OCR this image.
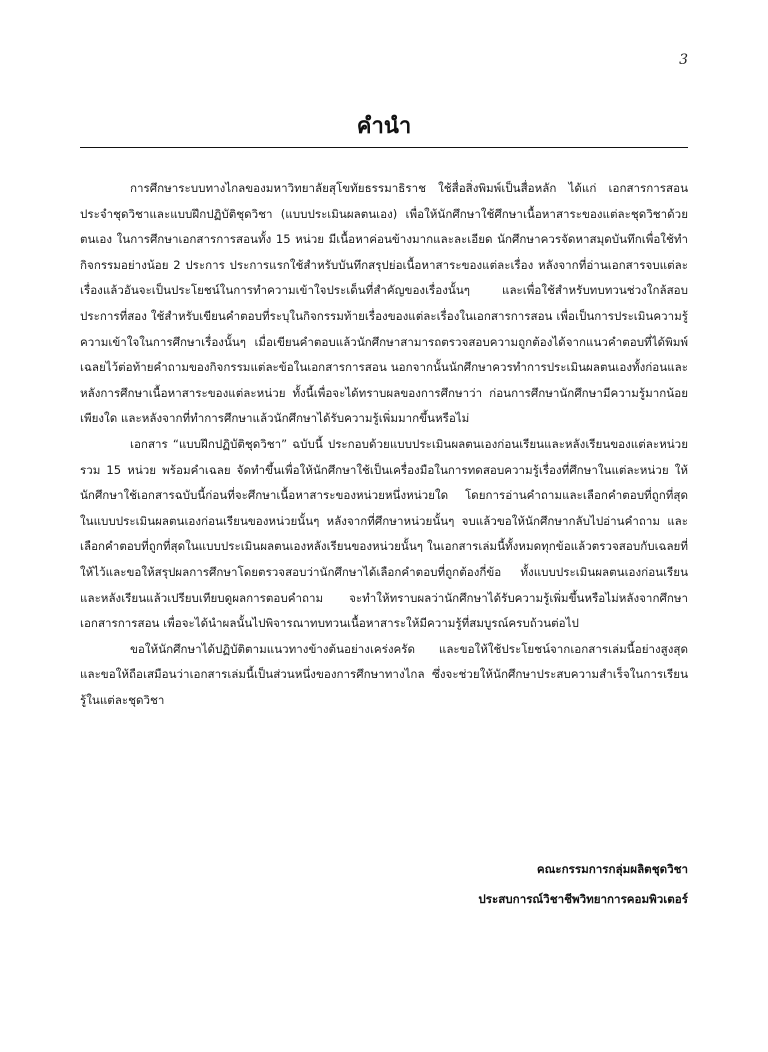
3
คำนำ

การศึกษาระบบทางไกลของมหาวิทยาลัยสุโขทัยธรรมาธิราช ใช้สื่อสิ่งพิมพ์เป็นสื่อหลัก ได้แก่ เอกสารการสอนประจำชุดวิชาและแบบฝึกปฏิบัติชุดวิชา (แบบประเมินผลตนเอง) เพื่อให้นักศึกษาใช้ศึกษาเนื้อหาสาระของแต่ละชุดวิชาด้วยตนเอง ในการศึกษาเอกสารการสอนทั้ง 15 หน่วย มีเนื้อหาค่อนข้างมากและละเอียด นักศึกษาควรจัดหาสมุดบันทึกเพื่อใช้ทำกิจกรรมอย่างน้อย 2 ประการ ประการแรกใช้สำหรับบันทึกสรุปย่อเนื้อหาสาระของแต่ละเรื่อง หลังจากที่อ่านเอกสารจบแต่ละเรื่องแล้วอันจะเป็นประโยชน์ในการทำความเข้าใจประเด็นที่สำคัญของเรื่องนั้นๆ และเพื่อใช้สำหรับทบทวนช่วงใกล้สอบ ประการที่สอง ใช้สำหรับเขียนคำตอบที่ระบุในกิจกรรมท้ายเรื่องของแต่ละเรื่องในเอกสารการสอน เพื่อเป็นการประเมินความรู้ความเข้าใจในการศึกษาเรื่องนั้นๆ เมื่อเขียนคำตอบแล้วนักศึกษาสามารถตรวจสอบความถูกต้องได้จากแนวคำตอบที่ได้พิมพ์เฉลยไว้ต่อท้ายคำถามของกิจกรรมแต่ละข้อในเอกสารการสอน นอกจากนั้นนักศึกษาควรทำการประเมินผลตนเองทั้งก่อนและหลังการศึกษาเนื้อหาสาระของแต่ละหน่วย ทั้งนี้เพื่อจะได้ทราบผลของการศึกษาว่า ก่อนการศึกษานักศึกษามีความรู้มากน้อยเพียงใด และหลังจากที่ทำการศึกษาแล้วนักศึกษาได้รับความรู้เพิ่มมากขึ้นหรือไม่

เอกสาร “แบบฝึกปฏิบัติชุดวิชา” ฉบับนี้ ประกอบด้วยแบบประเมินผลตนเองก่อนเรียนและหลังเรียนของแต่ละหน่วย รวม 15 หน่วย พร้อมคำเฉลย จัดทำขึ้นเพื่อให้นักศึกษาใช้เป็นเครื่องมือในการทดสอบความรู้เรื่องที่ศึกษาในแต่ละหน่วย ให้นักศึกษาใช้เอกสารฉบับนี้ก่อนที่จะศึกษาเนื้อหาสาระของหน่วยหนึ่งหน่วยใด โดยการอ่านคำถามและเลือกคำตอบที่ถูกที่สุดในแบบประเมินผลตนเองก่อนเรียนของหน่วยนั้นๆ หลังจากที่ศึกษาหน่วยนั้นๆ จบแล้วขอให้นักศึกษากลับไปอ่านคำถาม และเลือกคำตอบที่ถูกที่สุดในแบบประเมินผลตนเองหลังเรียนของหน่วยนั้นๆ ในเอกสารเล่มนี้ทั้งหมดทุกข้อแล้วตรวจสอบกับเฉลยที่ให้ไว้และขอให้สรุปผลการศึกษาโดยตรวจสอบว่านักศึกษาได้เลือกคำตอบที่ถูกต้องกี่ข้อ ทั้งแบบประเมินผลตนเองก่อนเรียนและหลังเรียนแล้วเปรียบเทียบดูผลการตอบคำถาม จะทำให้ทราบผลว่านักศึกษาได้รับความรู้เพิ่มขึ้นหรือไม่หลังจากศึกษาเอกสารการสอน เพื่อจะได้นำผลนั้นไปพิจารณาทบทวนเนื้อหาสาระให้มีความรู้ที่สมบูรณ์ครบถ้วนต่อไป

ขอให้นักศึกษาได้ปฏิบัติตามแนวทางข้างต้นอย่างเคร่งครัด และขอให้ใช้ประโยชน์จากเอกสารเล่มนี้อย่างสูงสุด และขอให้ถือเสมือนว่าเอกสารเล่มนี้เป็นส่วนหนึ่งของการศึกษาทางไกล ซึ่งจะช่วยให้นักศึกษาประสบความสำเร็จในการเรียนรู้ในแต่ละชุดวิชา

คณะกรรมการกลุ่มผลิตชุดวิชา
ประสบการณ์วิชาชีพวิทยาการคอมพิวเตอร์
